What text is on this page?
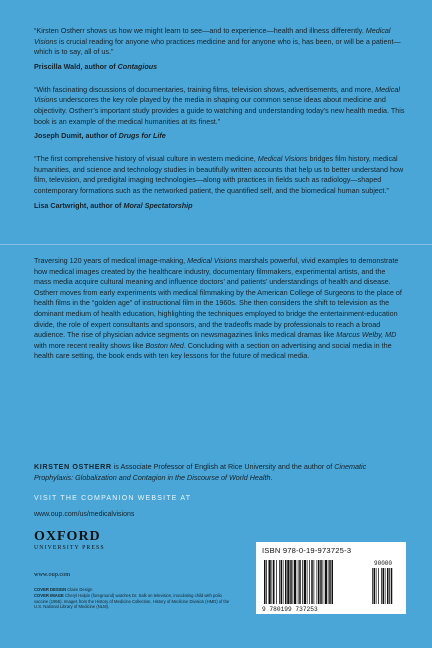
“Kirsten Ostherr shows us how we might learn to see—and to experience—health and illness differently. Medical Visions is crucial reading for anyone who practices medicine and for anyone who is, has been, or will be a patient—which is to say, all of us.”

Priscilla Wald, author of Contagious

“With fascinating discussions of documentaries, training films, television shows, advertisements, and more, Medical Visions underscores the key role played by the media in shaping our common sense ideas about medicine and objectivity. Ostherr’s important study provides a guide to watching and understanding today’s new health media. This book is an example of the medical humanities at its finest.”

Joseph Dumit, author of Drugs for Life

“The first comprehensive history of visual culture in western medicine, Medical Visions bridges film history, medical humanities, and science and technology studies in beautifully written accounts that help us to better understand how film, television, and predigital imaging technologies—along with practices in fields such as radiology—shaped contemporary formations such as the networked patient, the quantified self, and the biomedical human subject.”

Lisa Cartwright, author of Moral Spectatorship

Traversing 120 years of medical image-making, Medical Visions marshals powerful, vivid examples to demonstrate how medical images created by the healthcare industry, documentary filmmakers, experimental artists, and the mass media acquire cultural meaning and influence doctors’ and patients’ understandings of health and disease. Ostherr moves from early experiments with medical filmmaking by the American College of Surgeons to the place of health films in the “golden age” of instructional film in the 1960s. She then considers the shift to television as the dominant medium of health education, highlighting the techniques employed to bridge the entertainment-education divide, the role of expert consultants and sponsors, and the tradeoffs made by professionals to reach a broad audience. The rise of physician advice segments on newsmagazines links medical dramas like Marcus Welby, MD with more recent reality shows like Boston Med. Concluding with a section on advertising and social media in the health care setting, the book ends with ten key lessons for the future of medical media.

KIRSTEN OSTHERR is Associate Professor of English at Rice University and the author of Cinematic Prophylaxis: Globalization and Contagion in the Discourse of World Health.

VISIT THE COMPANION WEBSITE AT
www.oup.com/us/medicalvisions
OXFORD
UNIVERSITY PRESS
www.oup.com
COVER DESIGN Claire Design
COVER IMAGE Cheryl Halpin (foreground) watches Dr. Salk on television, inoculating child with polio vaccine (1955). Images from the History of Medicine Collection, History of Medicine Division (HMD) of the U.S. National Library of Medicine (NLM).
ISBN 978-0-19-973725-3
9 780199 737253
90000
